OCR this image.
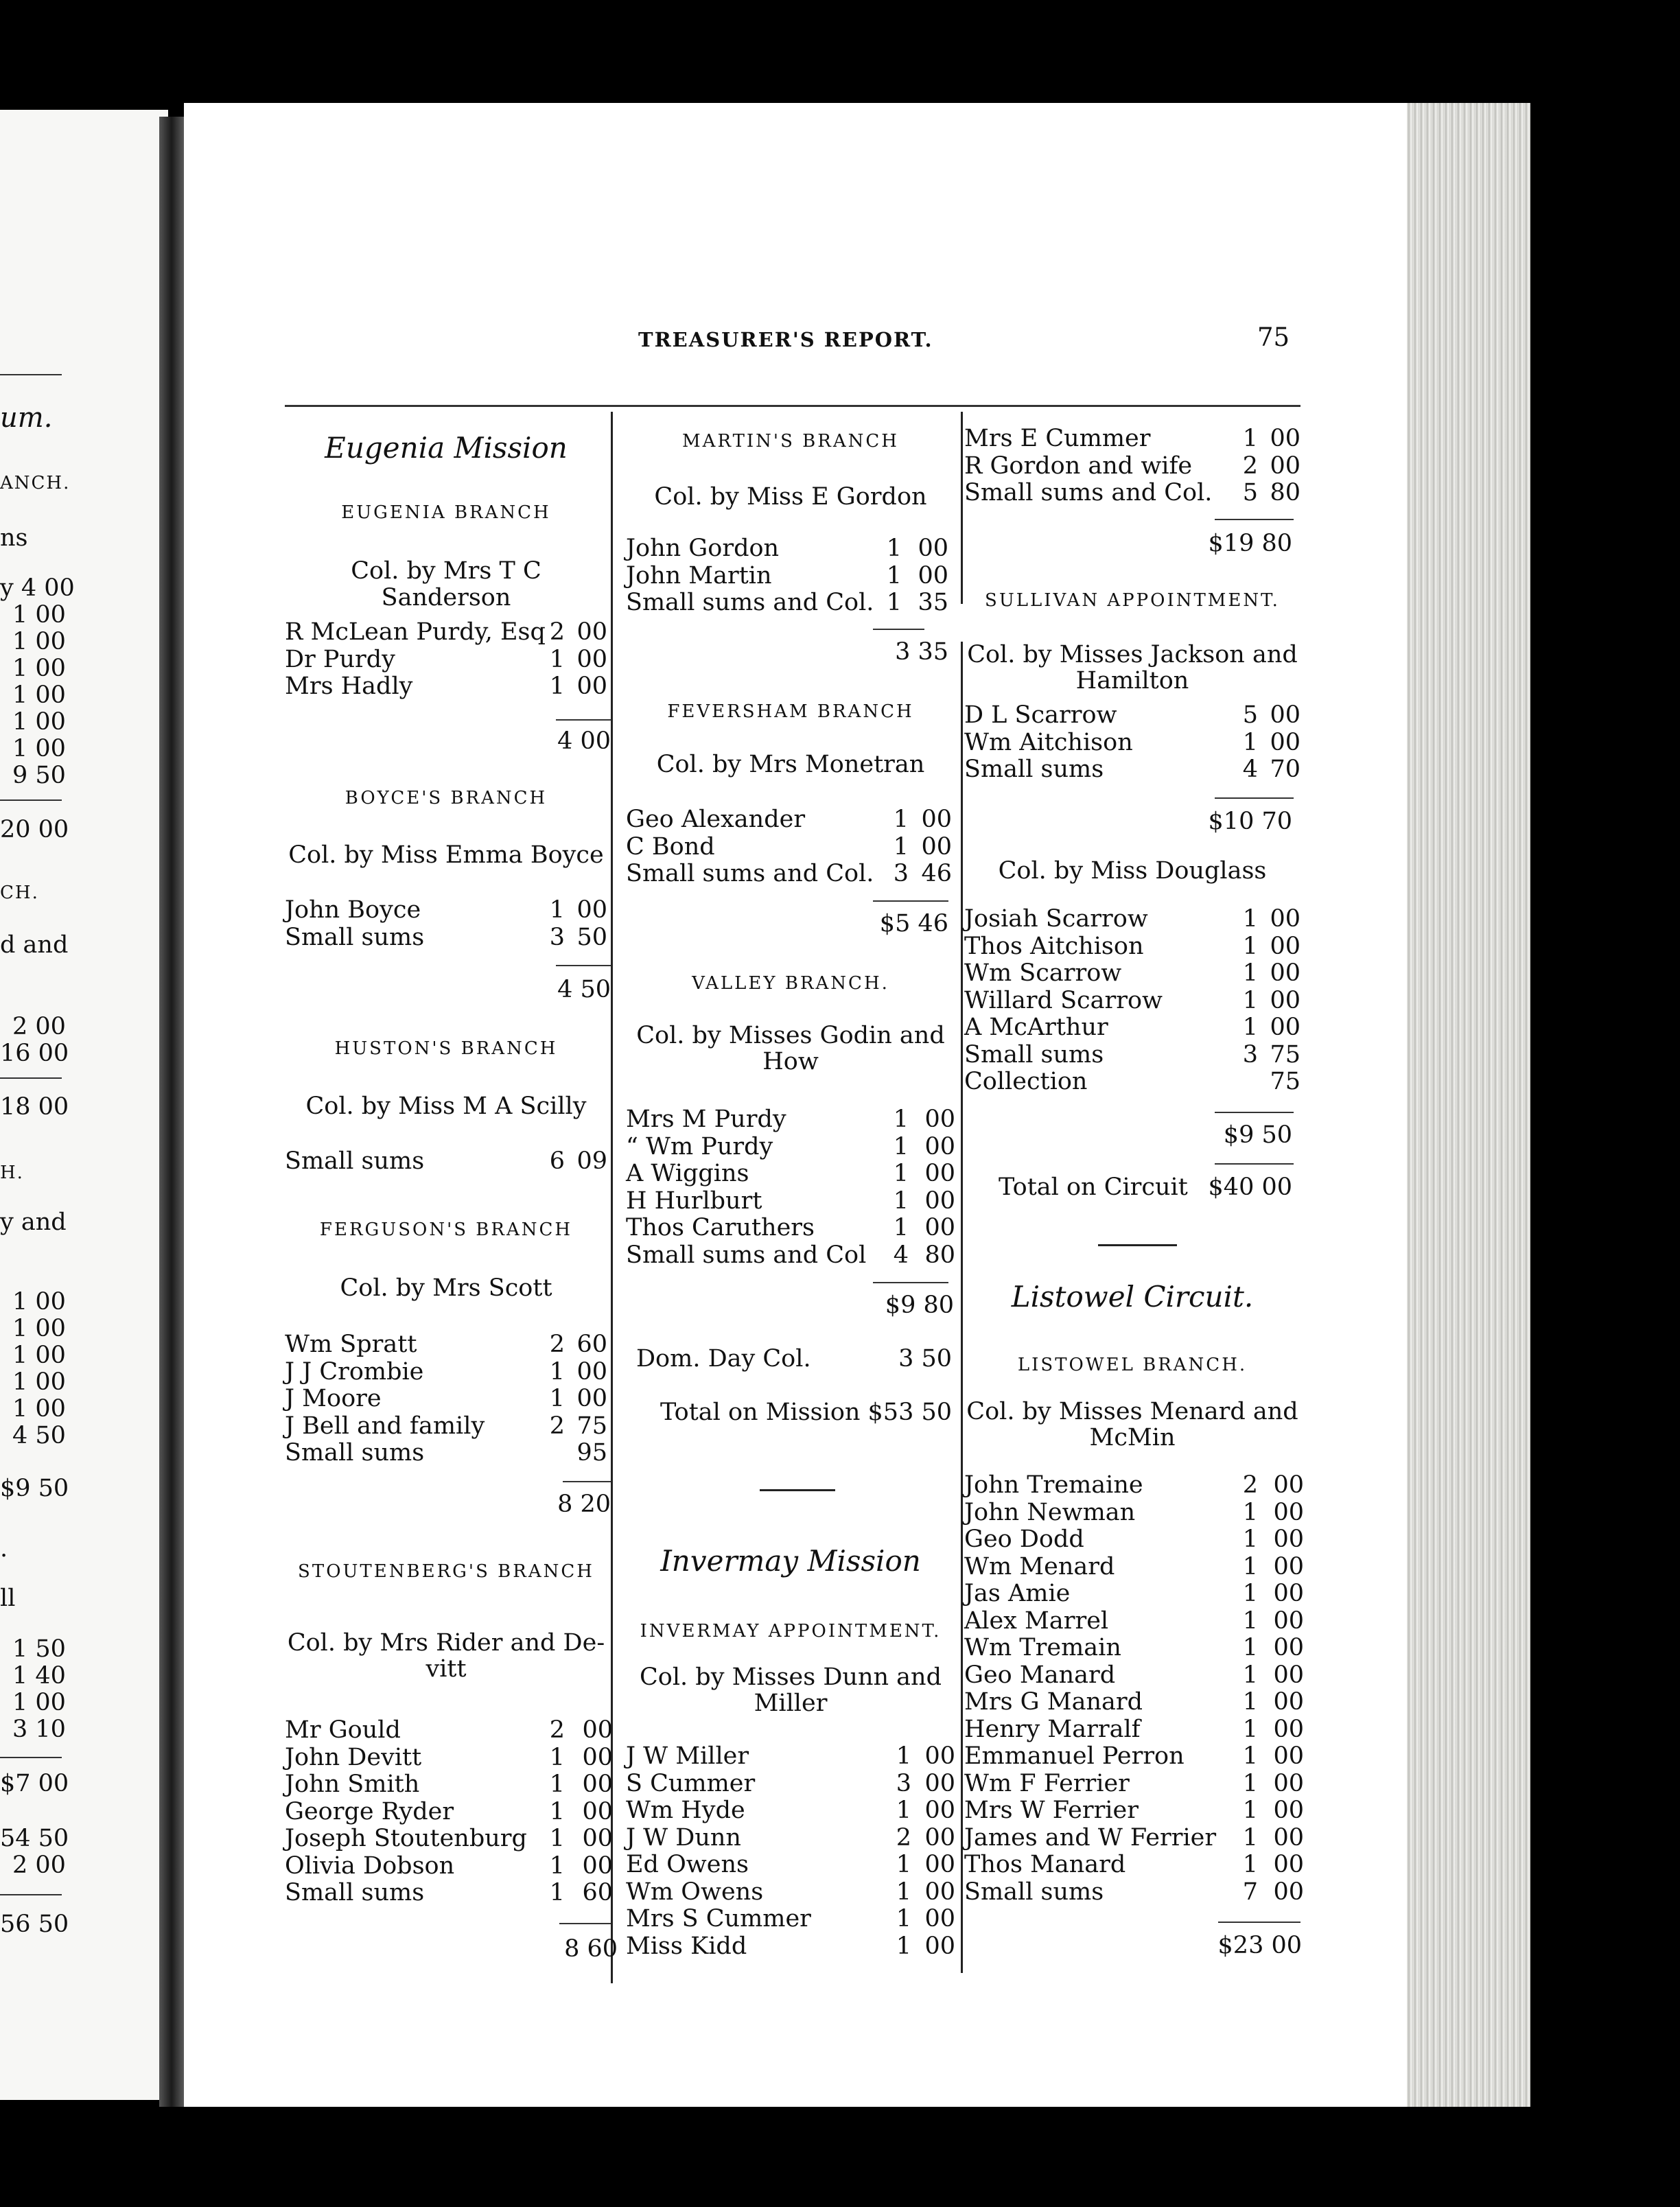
ит.
ANCH.
ns
y 4 00
1 00
1 00
1 00
1 00
1 00
1 00
9 50
20 00
CH.
d and
2 00
16 00
18 00
H.
y and
1 00
1 00
1 00
1 00
1 00
4 50
$9 50
.
ll
1 50
1 40
1 00
3 10
$7 00
54 50
2 00
56 50
TREASURER'S REPORT.	75
Eugenia Mission
EUGENIA BRANCH
Col. by Mrs T C Sanderson
R McLean Purdy, Esq 2 00
Dr Purdy	1 00
Mrs Hadly	1 00
4 00
BOYCE'S BRANCH
Col. by Miss Emma Boyce
John Boyce	1 00
Small sums	3 50
4 50
HUSTON'S BRANCH
Col. by Miss M A Scilly
Small sums	6 09
FERGUSON'S BRANCH
Col. by Mrs Scott
Wm Spratt	2 60
J J Crombie	1 00
J Moore	1 00
J Bell and family	2 75
Small sums	95
8 20
STOUTENBERG'S BRANCH
Col. by Mrs Rider and De-
vitt
Mr Gould	2 00
John Devitt	1 00
John Smith	1 00
George Ryder	1 00
Joseph Stoutenburg 1 00
Olivia Dobson	1 00
Small sums	1 60
8 60
MARTIN'S BRANCH
Col. by Miss E Gordon
John Gordon	1 00
John Martin	1 00
Small sums and Col. 1 35
3 35
FEVERSHAM BRANCH
Col. by Mrs Monetran
Geo Alexander	1 00
C Bond	1 00
Small sums and Col. 3 46
$5 46
VALLEY BRANCH.
Col. by Misses Godin and
How
Mrs M Purdy	1 00
“ Wm Purdy	1 00
A Wiggins	1 00
H Hurlburt	1 00
Thos Caruthers	1 00
Small sums and Col 4 80
$9 80
Dom. Day Col.	3 50
Total on Mission $53 50
Invermay Mission
INVERMAY APPOINTMENT.
Col. by Misses Dunn and
Miller
J W Miller	1 00
S Cummer	3 00
Wm Hyde	1 00
J W Dunn	2 00
Ed Owens	1 00
Wm Owens	1 00
Mrs S Cummer	1 00
Miss Kidd	1 00
Mrs E Cummer	1 00
R Gordon and wife 2 00
Small sums and Col. 5 80
$19 80
SULLIVAN APPOINTMENT.
Col. by Misses Jackson and
Hamilton
D L Scarrow	5 00
Wm Aitchison	1 00
Small sums	4 70
$10 70
Col. by Miss Douglass
Josiah Scarrow	1 00
Thos Aitchison	1 00
Wm Scarrow	1 00
Willard Scarrow	1 00
A McArthur	1 00
Small sums	3 75
Collection	75
$9 50
Total on Circuit $40 00
Listowel Circuit.
LISTOWEL BRANCH.
Col. by Misses Menard and
McMin
John Tremaine	2 00
John Newman	1 00
Geo Dodd	1 00
Wm Menard	1 00
Jas Amie	1 00
Alex Marrel	1 00
Wm Tremain	1 00
Geo Manard	1 00
Mrs G Manard	1 00
Henry Marralf	1 00
Emmanuel Perron 1 00
Wm F Ferrier	1 00
Mrs W Ferrier	1 00
James and W Ferrier 1 00
Thos Manard	1 00
Small sums	7 00
$23 00
